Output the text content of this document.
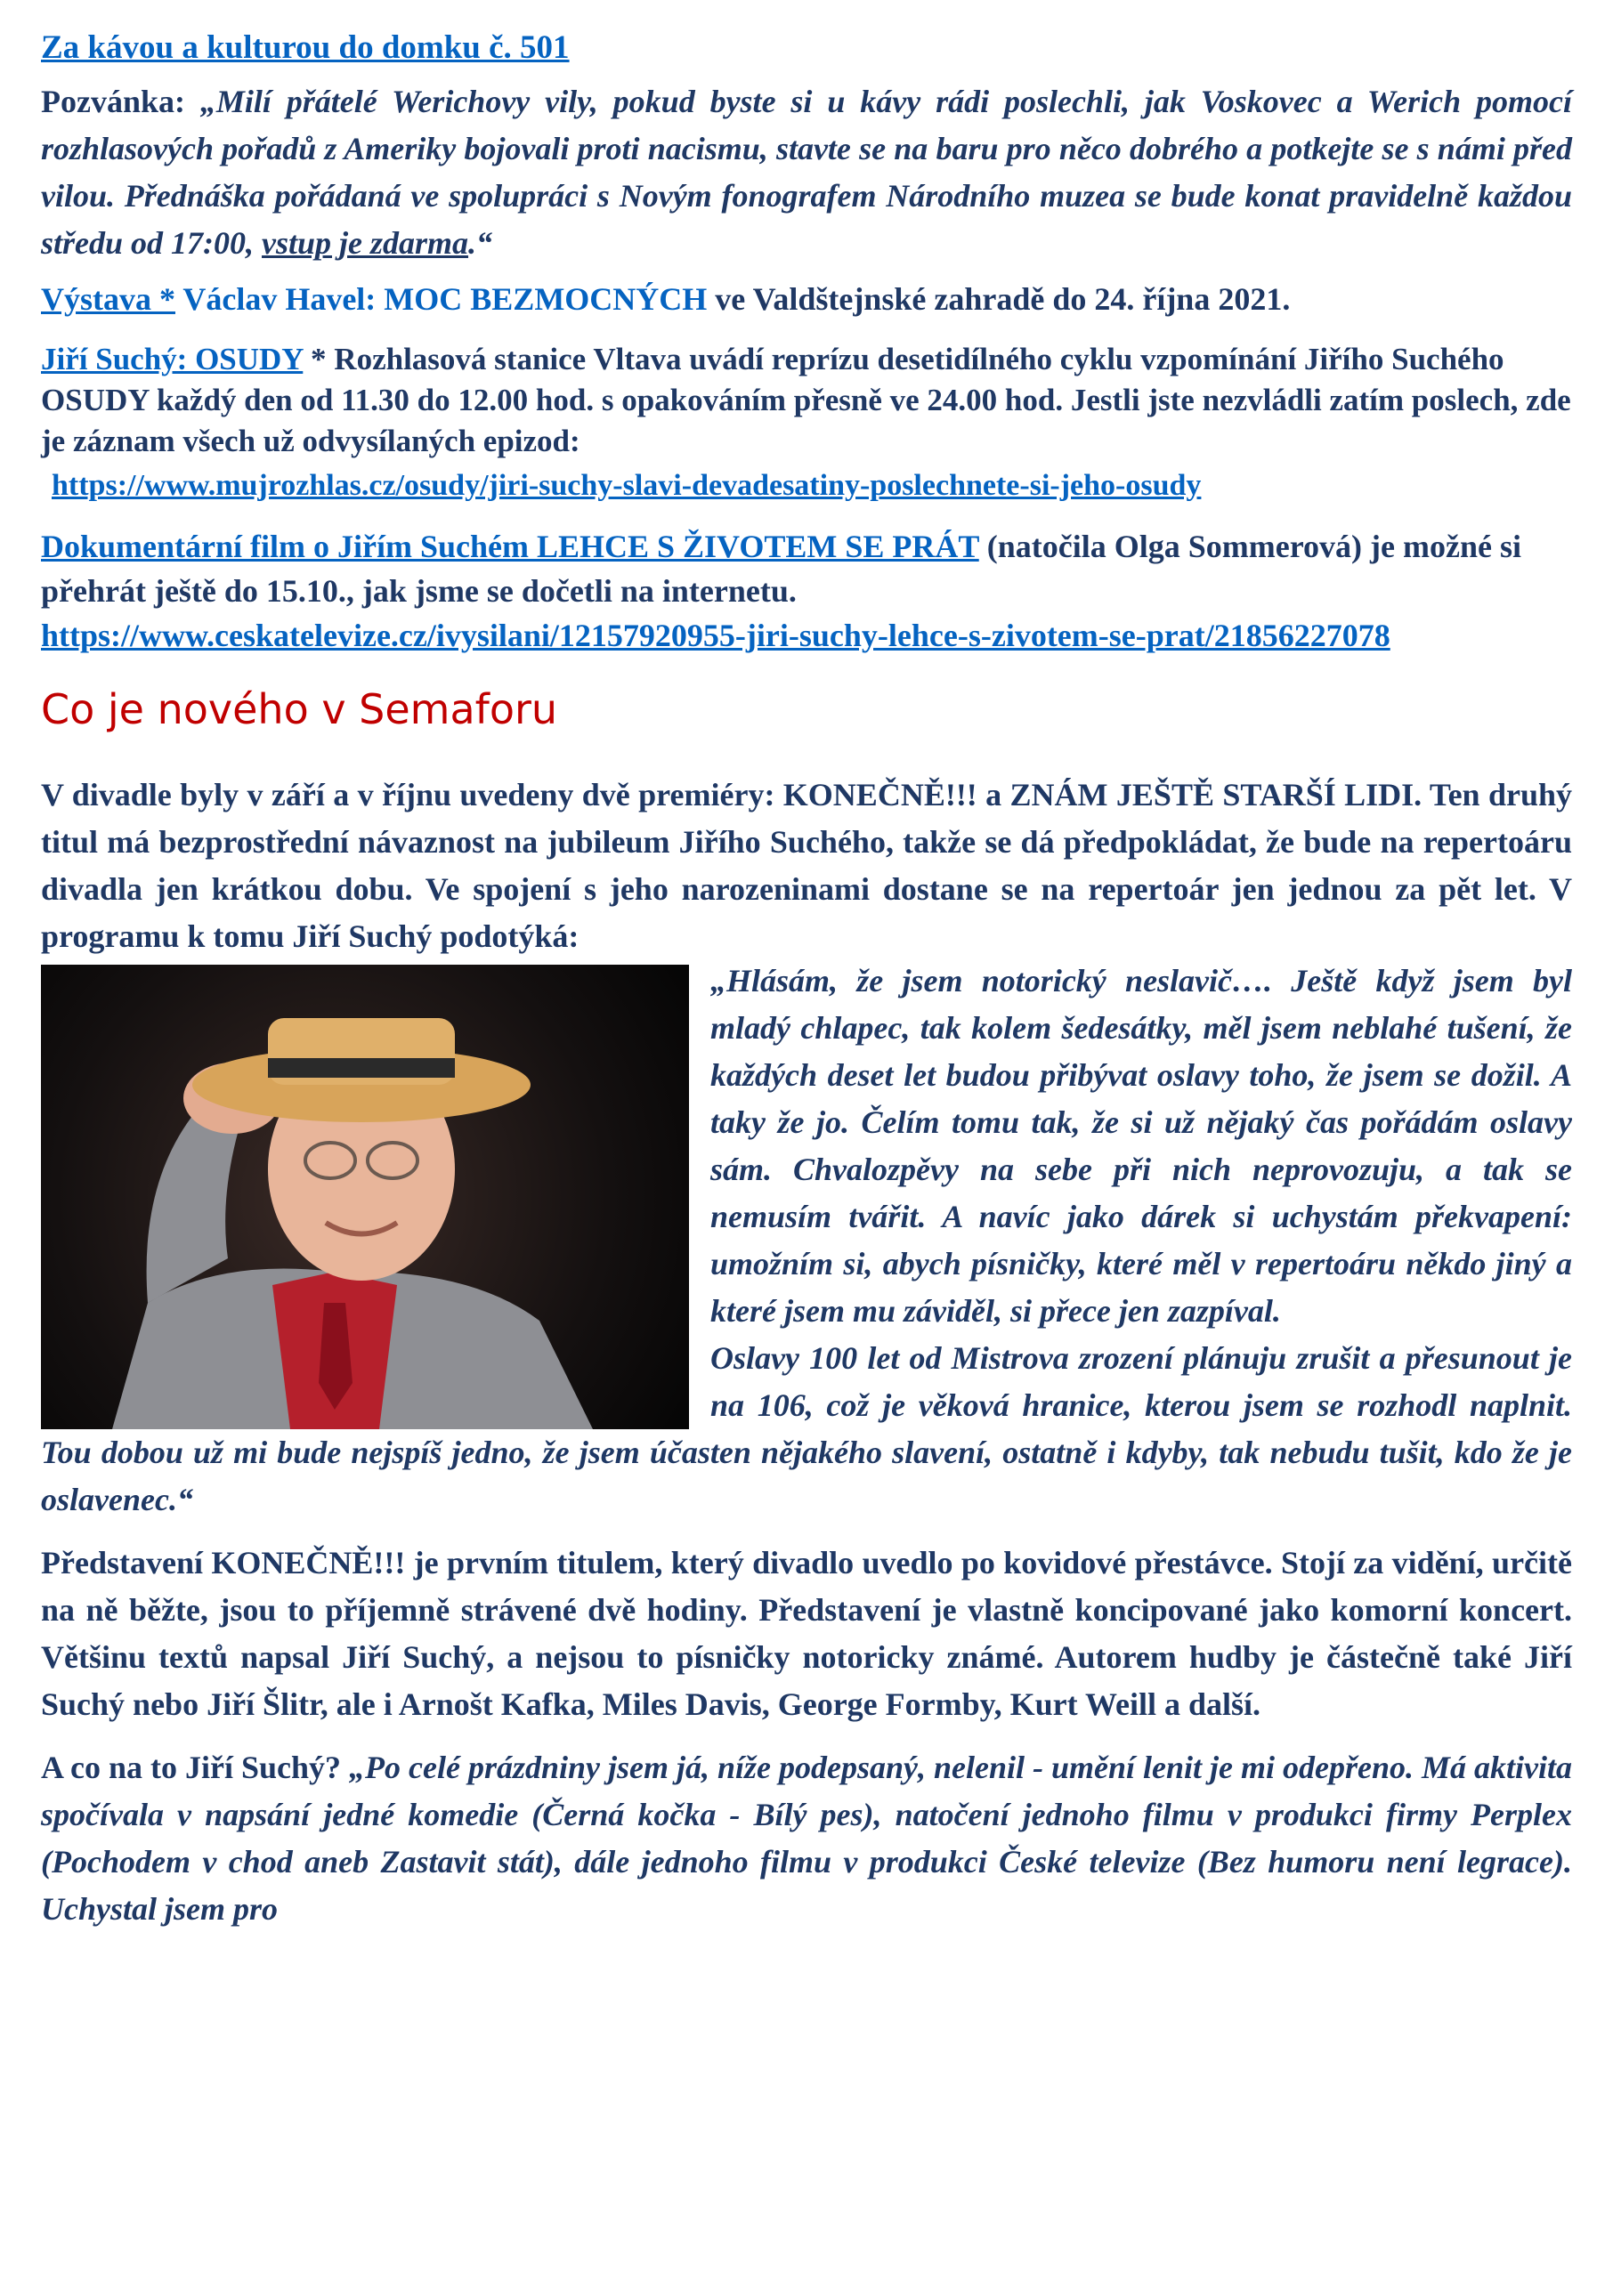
Za kávou a kulturou do domku č. 501

Pozvánka: „Milí přátelé Werichovy vily, pokud byste si u kávy rádi poslechli, jak Voskovec a Werich pomocí rozhlasových pořadů z Ameriky bojovali proti nacismu, stavte se na baru pro něco dobrého a potkejte se s námi před vilou. Přednáška pořádaná ve spolupráci s Novým fonografem Národního muzea se bude konat pravidelně každou středu od 17:00, vstup je zdarma.“

Výstava * Václav Havel: MOC BEZMOCNÝCH ve Valdštejnské zahradě do 24. října 2021.

Jiří Suchý: OSUDY * Rozhlasová stanice Vltava uvádí reprízu desetidílného cyklu vzpomínání Jiřího Suchého OSUDY každý den od 11.30 do 12.00 hod. s opakováním přesně ve 24.00 hod. Jestli jste nezvládli zatím poslech, zde je záznam všech už odvysílaných epizod:

https://www.mujrozhlas.cz/osudy/jiri-suchy-slavi-devadesatiny-poslechnete-si-jeho-osudy

Dokumentární film o Jiřím Suchém LEHCE S ŽIVOTEM SE PRÁT (natočila Olga Sommerová) je možné si přehrát ještě do 15.10., jak jsme se dočetli na internetu.

https://www.ceskatelevize.cz/ivysilani/12157920955-jiri-suchy-lehce-s-zivotem-se-prat/21856227078
Co je nového v Semaforu

V divadle byly v září a v říjnu uvedeny dvě premiéry: KONEČNĚ!!! a ZNÁM JEŠTĚ STARŠÍ LIDI. Ten druhý titul má bezprostřední návaznost na jubileum Jiřího Suchého, takže se dá předpokládat, že bude na repertoáru divadla jen krátkou dobu. Ve spojení s jeho narozeninami dostane se na repertoár jen jednou za pět let. V programu k tomu Jiří Suchý podotýká:

„Hlásám, že jsem notorický neslavič…. Ještě když jsem byl mladý chlapec, tak kolem šedesátky, měl jsem neblahé tušení, že každých deset let budou přibývat oslavy toho, že jsem se dožil. A taky že jo. Čelím tomu tak, že si už nějaký čas pořádám oslavy sám. Chvalozpěvy na sebe při nich neprovozuju, a tak se nemusím tvářit. A navíc jako dárek si uchystám překvapení: umožním si, abych písničky, které měl v repertoáru někdo jiný a které jsem mu záviděl, si přece jen zazpíval.

Oslavy 100 let od Mistrova zrození plánuju zrušit a přesunout je na 106, což je věková hranice, kterou jsem se rozhodl naplnit. Tou dobou už mi bude nejspíš jedno, že jsem účasten nějakého slavení, ostatně i kdyby, tak nebudu tušit, kdo že je oslavenec.“

Představení KONEČNĚ!!! je prvním titulem, který divadlo uvedlo po kovidové přestávce. Stojí za vidění, určitě na ně běžte, jsou to příjemně strávené dvě hodiny. Představení je vlastně koncipované jako komorní koncert. Většinu textů napsal Jiří Suchý, a nejsou to písničky notoricky známé. Autorem hudby je částečně také Jiří Suchý nebo Jiří Šlitr, ale i Arnošt Kafka, Miles Davis, George Formby, Kurt Weill a další.

A co na to Jiří Suchý? „Po celé prázdniny jsem já, níže podepsaný, nelenil - umění lenit je mi odepřeno. Má aktivita spočívala v napsání jedné komedie (Černá kočka - Bílý pes), natočení jednoho filmu v produkci firmy Perplex (Pochodem v chod aneb Zastavit stát), dále jednoho filmu v produkci České televize (Bez humoru není legrace). Uchystal jsem pro
